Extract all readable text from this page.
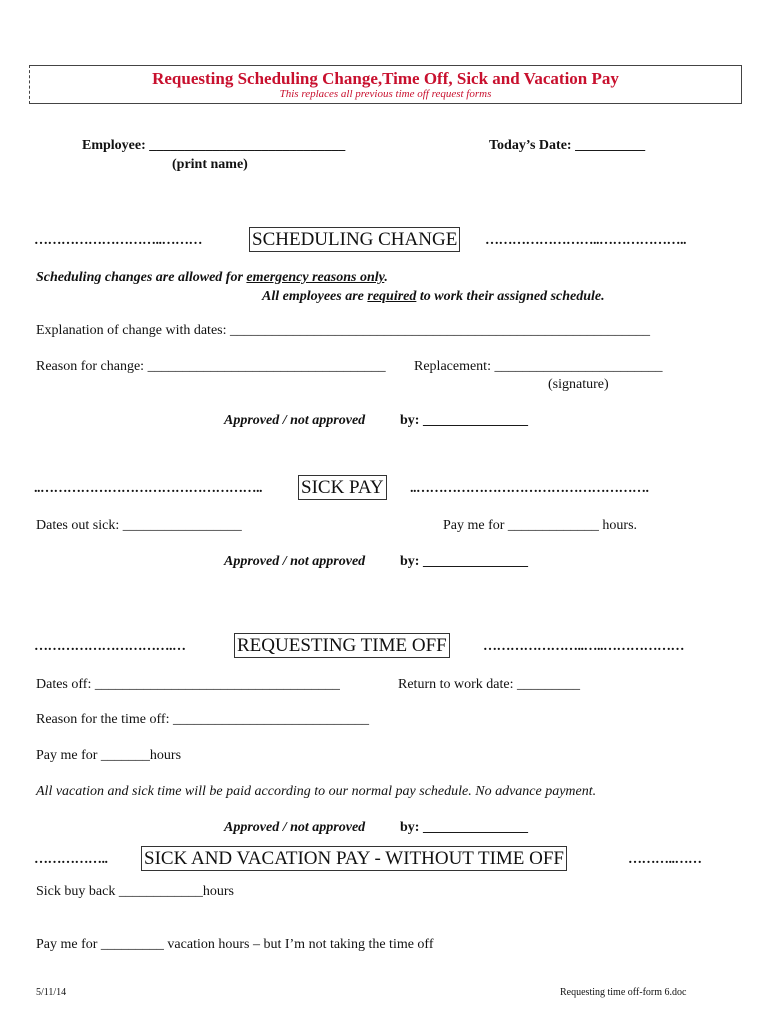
Requesting Scheduling Change,Time Off, Sick and Vacation Pay
This replaces all previous time off request forms
Employee: ____________________________
(print name)
Today’s Date: __________
………………………..………	SCHEDULING CHANGE ……………………..………………..
Scheduling changes are allowed for emergency reasons only.
All employees are required to work their assigned schedule.
Explanation of change with dates: ____________________________________________________________
Reason for change: __________________________________ Replacement: ________________________
(signature)
Approved / not approved by: _______________
..………………………………………….. SICK PAY ..…………………………………………….
Dates out sick: _________________	Pay me for _____________ hours.
Approved / not approved by: _______________
………………………….…	REQUESTING TIME OFF	…………………..…..………………
Dates off: ___________________________________	Return to work date: _________
Reason for the time off: ____________________________
Pay me for _______hours
All vacation and sick time will be paid according to our normal pay schedule. No advance payment.
Approved / not approved by: _______________
…………….. SICK AND VACATION PAY - WITHOUT TIME OFF	………..……
Sick buy back ____________hours
Pay me for _________ vacation hours – but I’m not taking the time off
5/11/14	Requesting time off-form 6.doc
